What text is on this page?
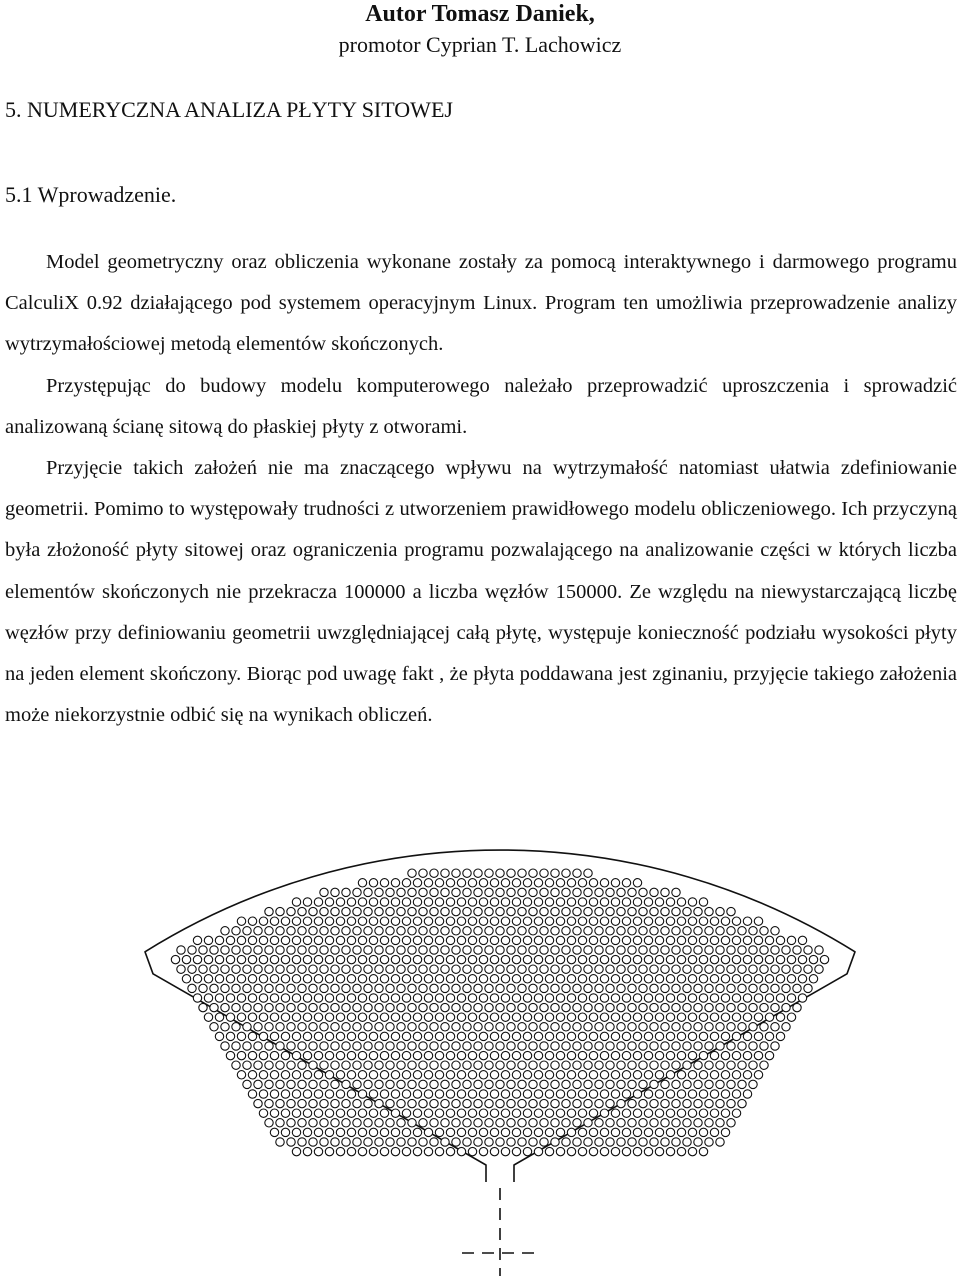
Autor Tomasz Daniek,
promotor Cyprian T. Lachowicz
5. NUMERYCZNA ANALIZA PŁYTY SITOWEJ
5.1 Wprowadzenie.

Model geometryczny oraz obliczenia wykonane zostały za pomocą interaktywnego i darmowego programu CalculiX 0.92 działającego pod systemem operacyjnym Linux. Program ten umożliwia przeprowadzenie analizy wytrzymałościowej metodą elementów skończonych.

Przystępując do budowy modelu komputerowego należało przeprowadzić uproszczenia i sprowadzić analizowaną ścianę sitową do płaskiej płyty z otworami.

Przyjęcie takich założeń nie ma znaczącego wpływu na wytrzymałość natomiast ułatwia zdefiniowanie geometrii. Pomimo to występowały trudności z utworzeniem prawidłowego modelu obliczeniowego. Ich przyczyną była złożoność płyty sitowej oraz ograniczenia programu pozwalającego na analizowanie części w których liczba elementów skończonych nie przekracza 100000 a liczba węzłów 150000. Ze względu na niewystarczającą liczbę węzłów przy definiowaniu geometrii uwzględniającej całą płytę, występuje konieczność podziału wysokości płyty na jeden element skończony. Biorąc pod uwagę fakt , że płyta poddawana jest zginaniu, przyjęcie takiego założenia może niekorzystnie odbić się na wynikach obliczeń.
